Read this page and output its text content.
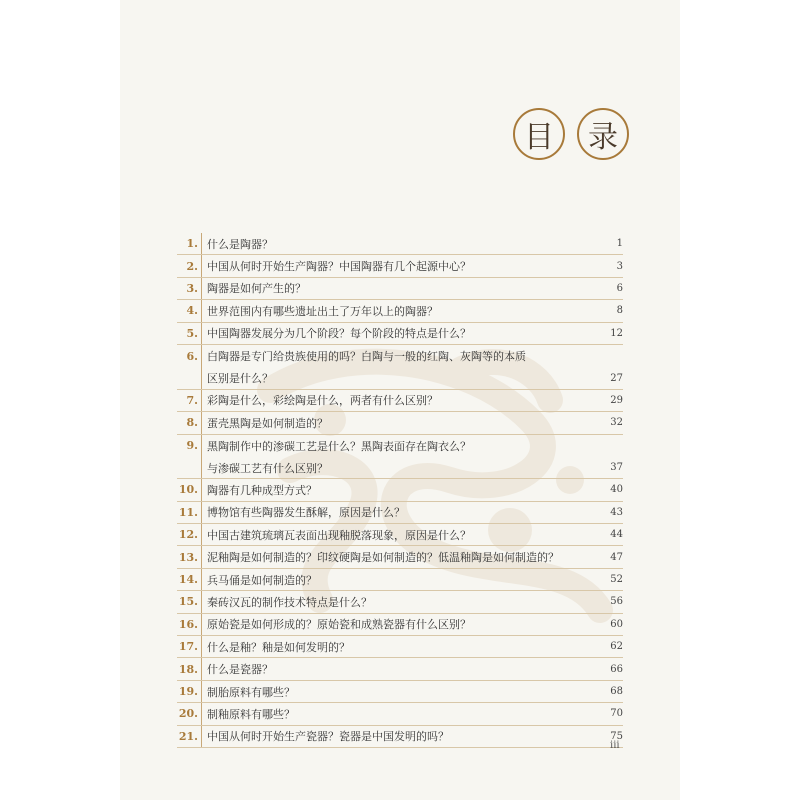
目	录
1. 什么是陶器？	1
2. 中国从何时开始生产陶器？中国陶器有几个起源中心？	3
3. 陶器是如何产生的？	6
4. 世界范围内有哪些遗址出土了万年以上的陶器？	8
5. 中国陶器发展分为几个阶段？每个阶段的特点是什么？	12
6. 白陶器是专门给贵族使用的吗？白陶与一般的红陶、灰陶等的本质
区别是什么？	27
7. 彩陶是什么，彩绘陶是什么，两者有什么区别？	29
8. 蛋壳黑陶是如何制造的？	32
9. 黑陶制作中的渗碳工艺是什么？黑陶表面存在陶衣么？
与渗碳工艺有什么区别？	37
10. 陶器有几种成型方式？	40
11. 博物馆有些陶器发生酥解，原因是什么？	43
12. 中国古建筑琉璃瓦表面出现釉脱落现象，原因是什么？	44
13. 泥釉陶是如何制造的？印纹硬陶是如何制造的？低温釉陶是如何制造的？	47
14. 兵马俑是如何制造的？	52
15. 秦砖汉瓦的制作技术特点是什么？	56
16. 原始瓷是如何形成的？原始瓷和成熟瓷器有什么区别？	60
17. 什么是釉？釉是如何发明的？	62
18. 什么是瓷器？	66
19. 制胎原料有哪些？	68
20. 制釉原料有哪些？	70
21. 中国从何时开始生产瓷器？瓷器是中国发明的吗？	75
iii
